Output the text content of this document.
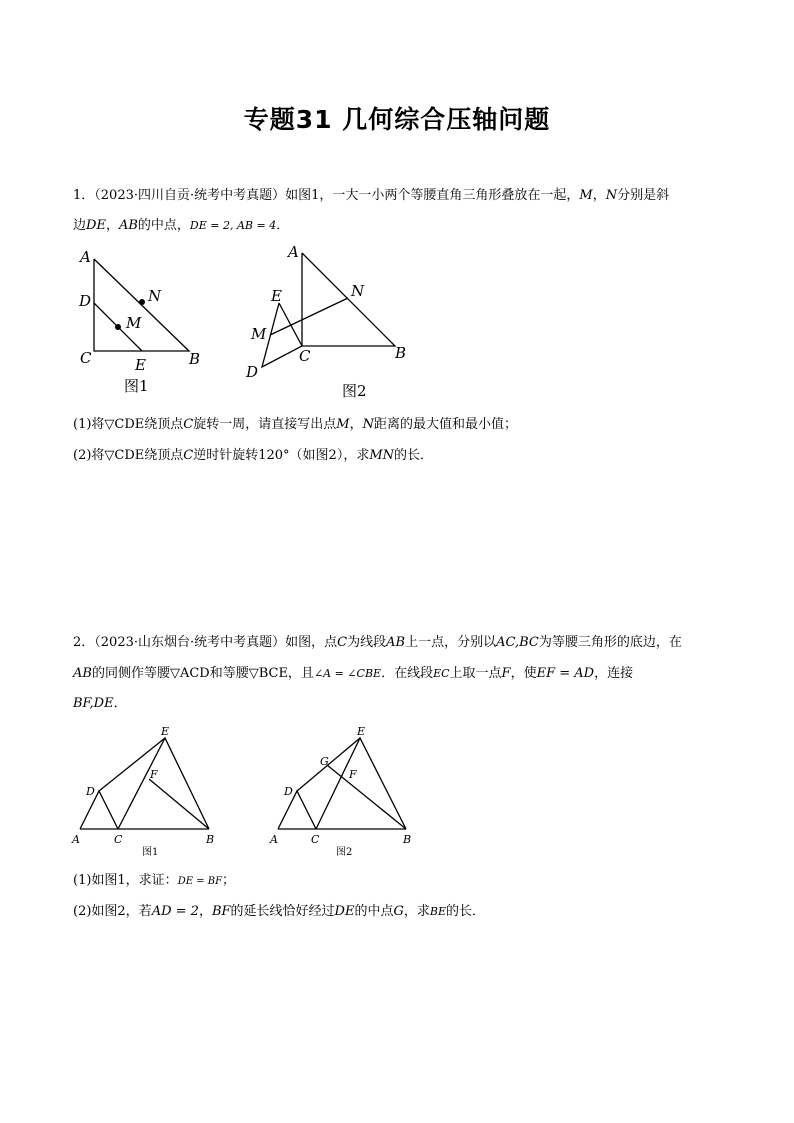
专题31 几何综合压轴问题
1．（2023·四川自贡·统考中考真题）如图1，一大一小两个等腰直角三角形叠放在一起，M，N分别是斜
边DE，AB的中点，DE = 2, AB = 4．
A
D	N
M
C	E	B
图1
A
E	N
M
C	B
D
图2
(1)将▽CDE绕顶点C旋转一周，请直接写出点M，N距离的最大值和最小值；
(2)将▽CDE绕顶点C逆时针旋转120°（如图2），求MN的长．
2．（2023·山东烟台·统考中考真题）如图，点C为线段AB上一点，分别以AC,BC为等腰三角形的底边，在
AB的同侧作等腰▽ACD和等腰▽BCE，且∠A = ∠CBE．在线段EC上取一点F，使EF = AD，连接
BF,DE．
E
D
F
A	C	B
图1
E
G
D
F
A	C	B
图2
(1)如图1，求证：DE = BF；
(2)如图2，若AD = 2，BF的延长线恰好经过DE的中点G，求BE的长．
